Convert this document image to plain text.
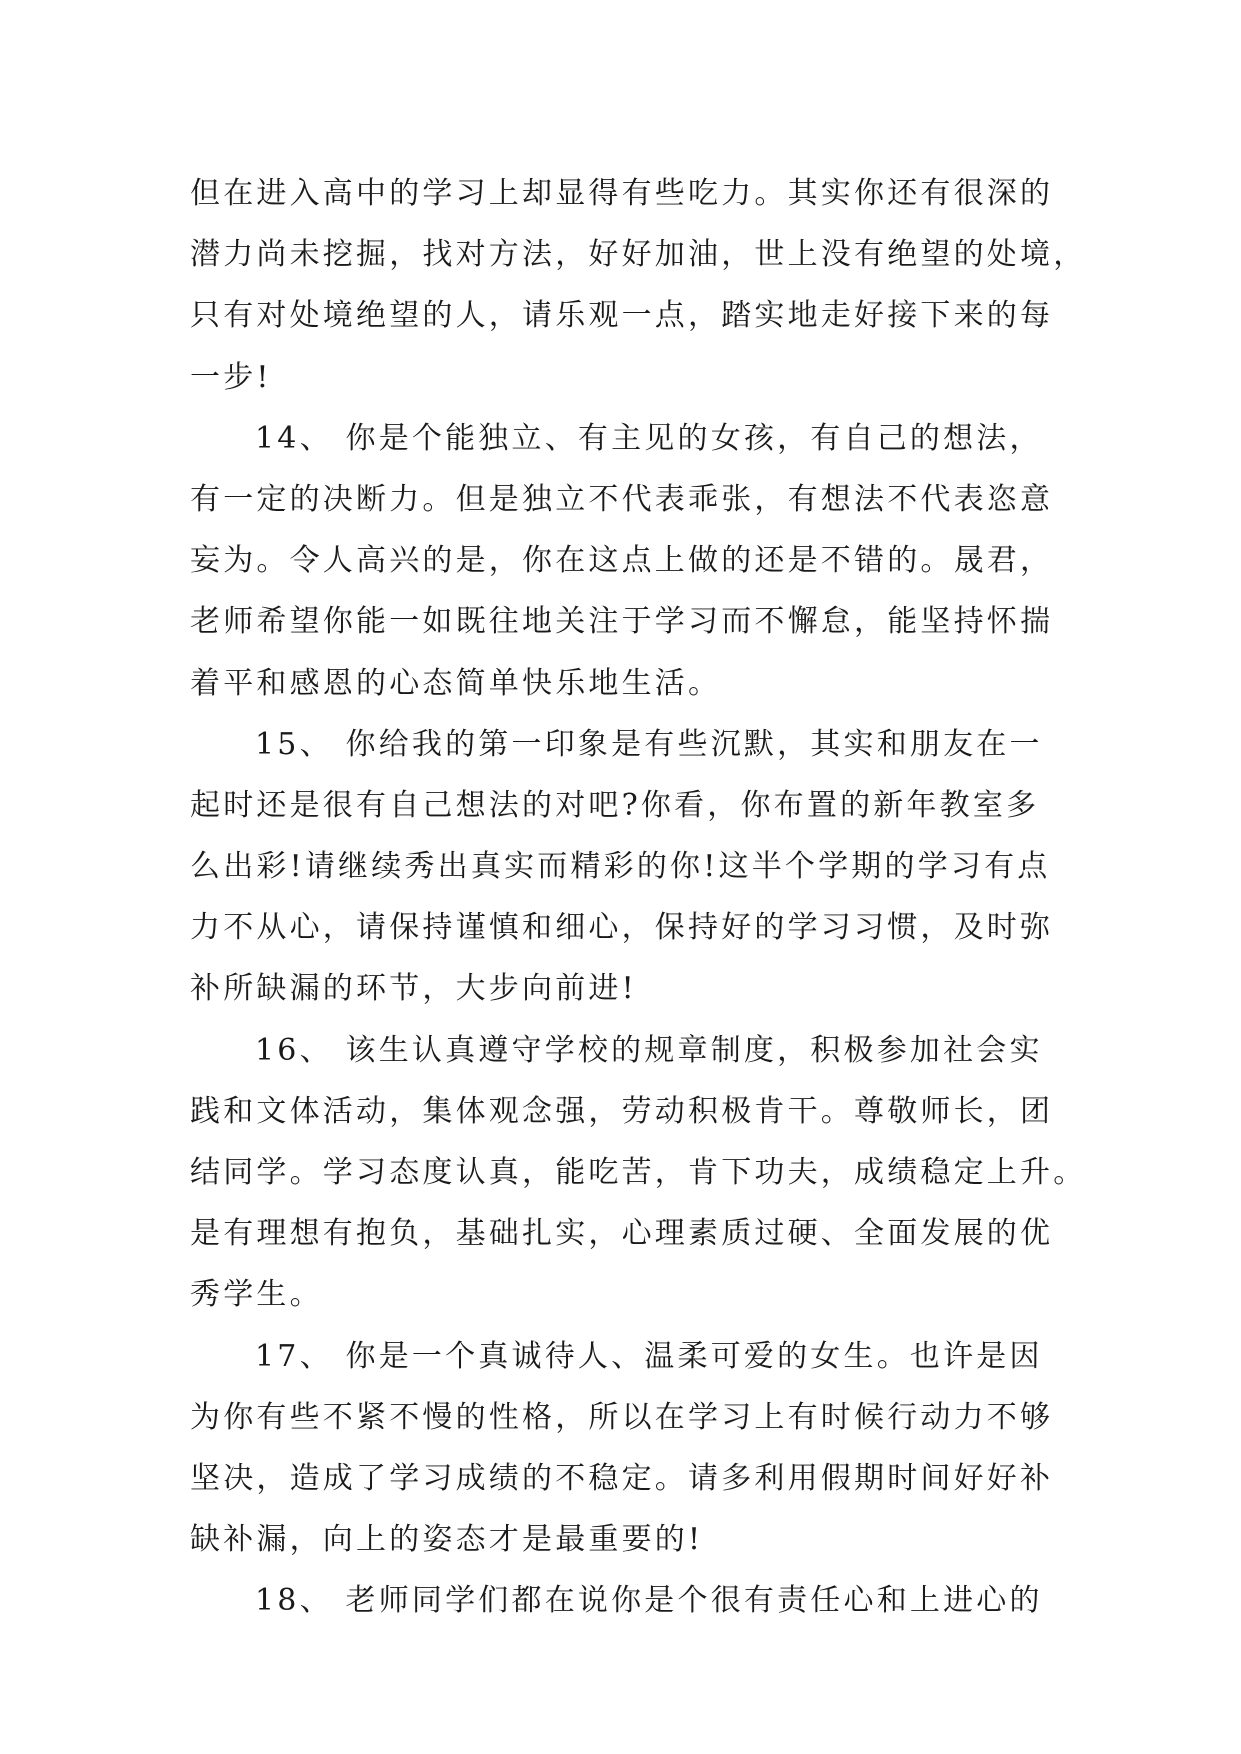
但在进入高中的学习上却显得有些吃力。其实你还有很深的
潜力尚未挖掘，找对方法，好好加油，世上没有绝望的处境，
只有对处境绝望的人，请乐观一点，踏实地走好接下来的每
一步!
14、 你是个能独立、有主见的女孩，有自己的想法，
有一定的决断力。但是独立不代表乖张，有想法不代表恣意
妄为。令人高兴的是，你在这点上做的还是不错的。晟君，
老师希望你能一如既往地关注于学习而不懈怠，能坚持怀揣
着平和感恩的心态简单快乐地生活。
15、 你给我的第一印象是有些沉默，其实和朋友在一
起时还是很有自己想法的对吧?你看，你布置的新年教室多
么出彩!请继续秀出真实而精彩的你!这半个学期的学习有点
力不从心，请保持谨慎和细心，保持好的学习习惯，及时弥
补所缺漏的环节，大步向前进!
16、 该生认真遵守学校的规章制度，积极参加社会实
践和文体活动，集体观念强，劳动积极肯干。尊敬师长，团
结同学。学习态度认真，能吃苦，肯下功夫，成绩稳定上升。
是有理想有抱负，基础扎实，心理素质过硬、全面发展的优
秀学生。
17、 你是一个真诚待人、温柔可爱的女生。也许是因
为你有些不紧不慢的性格，所以在学习上有时候行动力不够
坚决，造成了学习成绩的不稳定。请多利用假期时间好好补
缺补漏，向上的姿态才是最重要的!
18、 老师同学们都在说你是个很有责任心和上进心的
